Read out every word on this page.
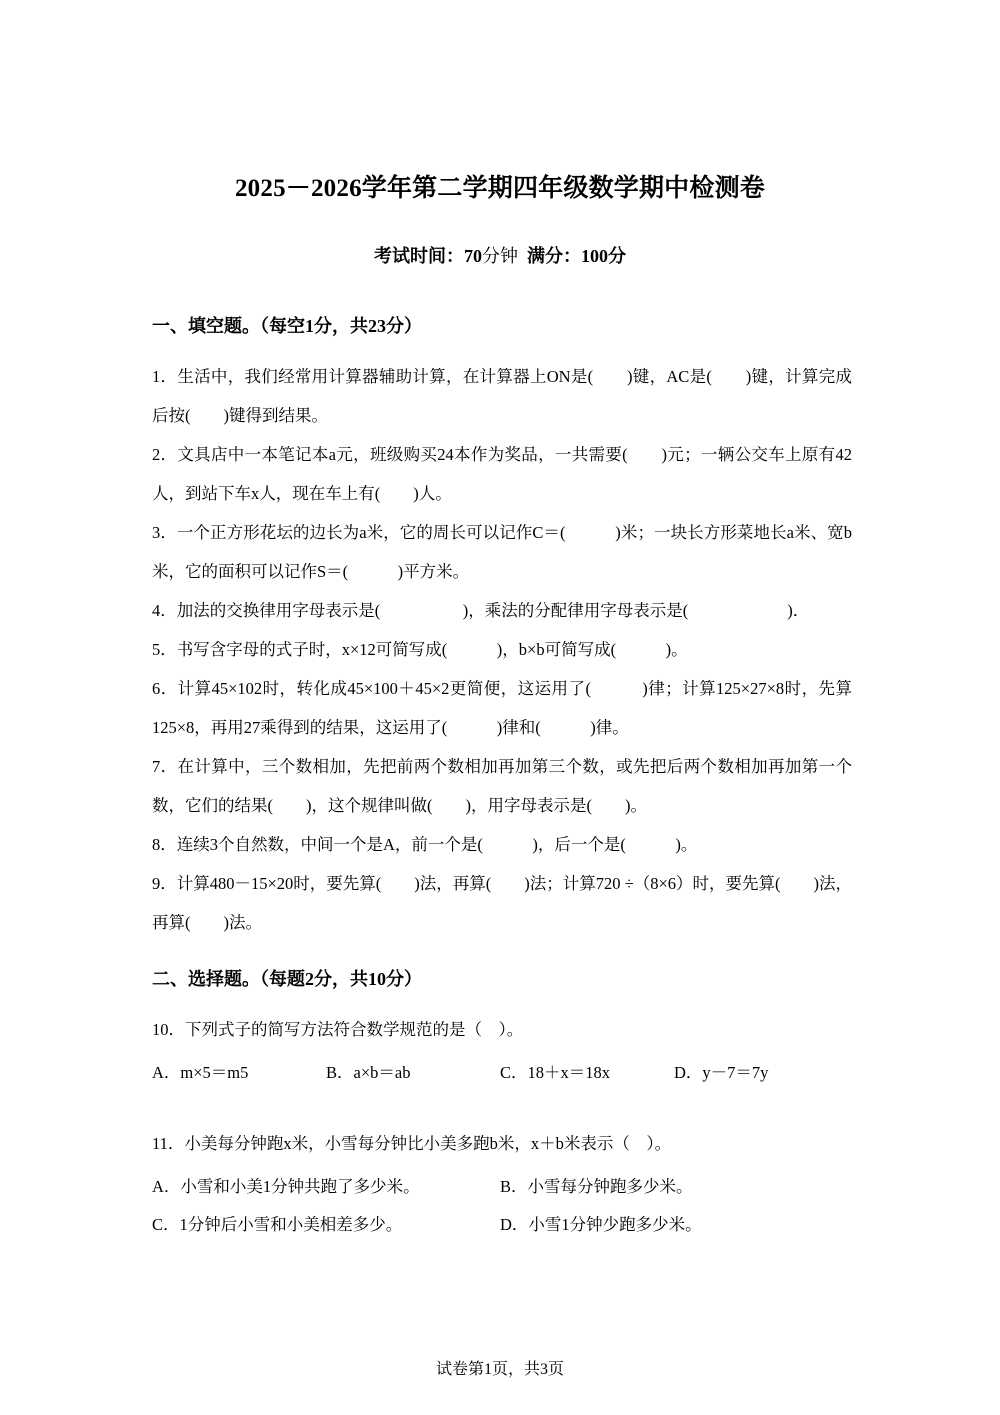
2025－2026学年第二学期四年级数学期中检测卷
考试时间：70分钟 满分：100分
一、填空题。（每空1分，共23分）
1．生活中，我们经常用计算器辅助计算，在计算器上ON是(　　)键，AC是(　　)键，计算完成后按(　　)键得到结果。
2．文具店中一本笔记本a元，班级购买24本作为奖品，一共需要(　　)元；一辆公交车上原有42人，到站下车x人，现在车上有(　　)人。
3．一个正方形花坛的边长为a米，它的周长可以记作C＝(　　　)米；一块长方形菜地长a米、宽b米，它的面积可以记作S＝(　　　)平方米。
4．加法的交换律用字母表示是(　　　　　)，乘法的分配律用字母表示是(　　　　　　)．
5．书写含字母的式子时，x×12可简写成(　　　)，b×b可简写成(　　　)。
6．计算45×102时，转化成45×100＋45×2更简便，这运用了(　　　)律；计算125×27×8时，先算125×8，再用27乘得到的结果，这运用了(　　　)律和(　　　)律。
7．在计算中，三个数相加，先把前两个数相加再加第三个数，或先把后两个数相加再加第一个数，它们的结果(　　)，这个规律叫做(　　)，用字母表示是(　　)。
8．连续3个自然数，中间一个是A，前一个是(　　　)，后一个是(　　　)。
9．计算480－15×20时，要先算(　　)法，再算(　　)法；计算720 ÷（8×6）时，要先算(　　)法，再算(　　)法。
二、选择题。（每题2分，共10分）
10．下列式子的简写方法符合数学规范的是（　）。
A．m×5＝m5	B．a×b＝ab	C．18＋x＝18x	D．y－7＝7y
11．小美每分钟跑x米，小雪每分钟比小美多跑b米，x＋b米表示（　）。
A．小雪和小美1分钟共跑了多少米。	B．小雪每分钟跑多少米。
C．1分钟后小雪和小美相差多少。	D．小雪1分钟少跑多少米。
试卷第1页，共3页
